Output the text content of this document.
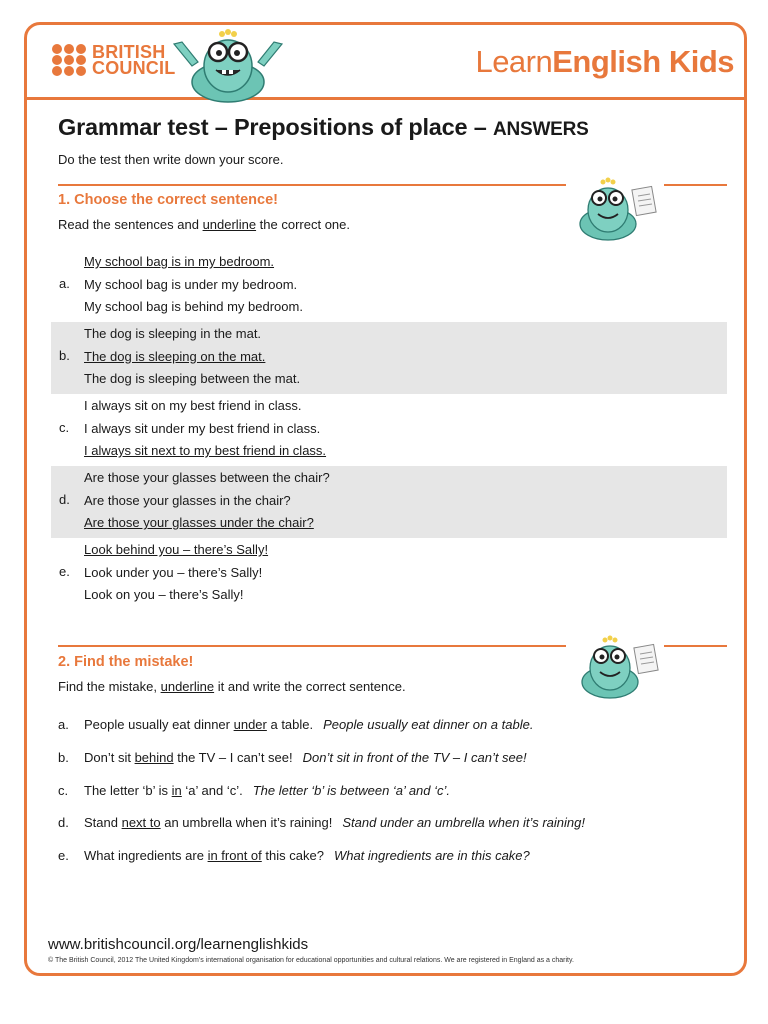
BRITISH
COUNCIL	LearnEnglish Kids
Grammar test – Prepositions of place – ANSWERS
Do the test then write down your score.
1. Choose the correct sentence!
Read the sentences and underline the correct one.
a.
My school bag is in my bedroom.
My school bag is under my bedroom.
My school bag is behind my bedroom.
b.
The dog is sleeping in the mat.
The dog is sleeping on the mat.
The dog is sleeping between the mat.
c.
I always sit on my best friend in class.
I always sit under my best friend in class.
I always sit next to my best friend in class.
d.
Are those your glasses between the chair?
Are those your glasses in the chair?
Are those your glasses under the chair?
e.
Look behind you – there’s Sally!
Look under you – there’s Sally!
Look on you – there’s Sally!
2. Find the mistake!
Find the mistake, underline it and write the correct sentence.
a. People usually eat dinner under a table. People usually eat dinner on a table.
b. Don’t sit behind the TV – I can’t see! Don’t sit in front of the TV – I can’t see!
c. The letter ‘b’ is in ‘a’ and ‘c’. The letter ‘b’ is between ‘a’ and ‘c’.
d. Stand next to an umbrella when it’s raining! Stand under an umbrella when it’s raining!
e. What ingredients are in front of this cake? What ingredients are in this cake?
www.britishcouncil.org/learnenglishkids
© The British Council, 2012 The United Kingdom’s international organisation for educational opportunities and cultural relations. We are registered in England as a charity.
